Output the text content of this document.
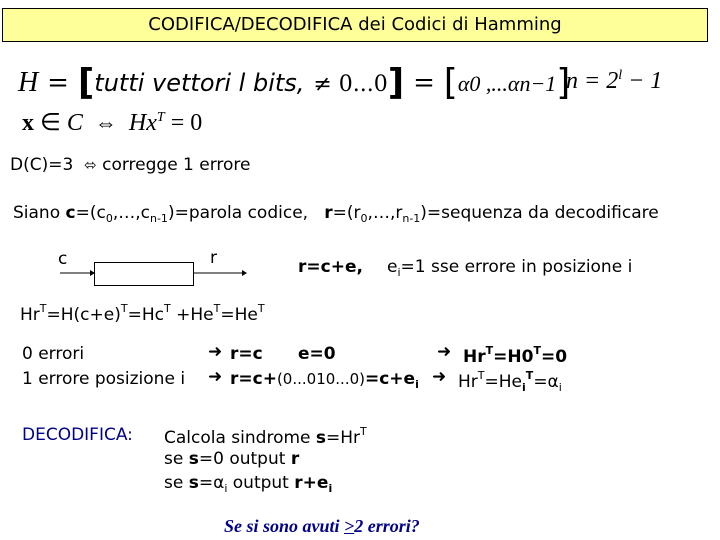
CODIFICA/DECODIFICA dei Codici di Hamming
H = [tutti vettori l bits, ≠ 0...0] = [α0 ,...αn−1]
$n = 2^l - 1$
x ∈ C ⇔ $Hx^T = 0$
D(C)=3 ⬄ corregge 1 errore
Siano $c=(c_0,\dots,c_{n-1})=parola$ codice, $r=(r_0,\dots,r_{n-1})=sequenza$ da decodificare
c	r	r=c+e, $e_i=1$ sse errore in posizione i
$Hr^T=H(c+e)^T=Hc^T +He^T=He^T$
0 errori	➜ r=c e=0	➜ $Hr^T=H0^T=0$
1 errore posizione i ➜ $r=c+(0...010...0)=c+e_i$ ➜ $Hr^T=He_i^T=\alpha_i$
DECODIFICA: Calcola sindrome $s=Hr^T$
se s=0 output r
se $s=\alpha_i$ output $r+e_i$
Se si sono avuti >2 errori?
